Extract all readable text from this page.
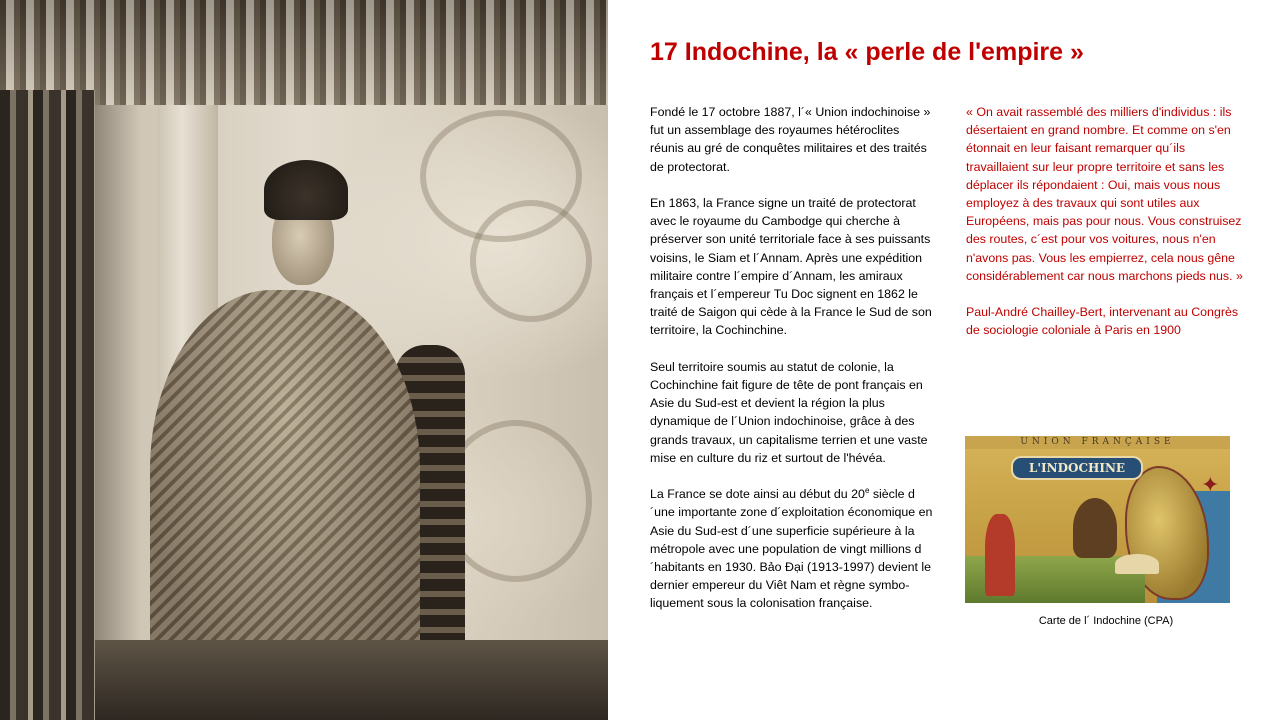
17 Indochine, la « perle de l'empire »

Fondé le 17 octobre 1887, l´« Union indochinoise » fut un assemblage des royaumes hétéroclites réunis au gré de conquêtes militaires et des traités de protectorat.

En 1863, la France signe un traité de protectorat avec le royaume du Cambodge qui cherche à préserver son unité territoriale face à ses puissants voisins, le Siam et l´Annam. Après une expédition militaire contre l´empire d´Annam, les amiraux français et l´empereur Tu Doc signent en 1862 le traité de Saigon qui cède à la France le Sud de son territoire, la Cochinchine.

Seul territoire soumis au statut de colonie, la Cochinchine fait figure de tête de pont français en Asie du Sud-est et devient la région la plus dynamique de l´Union indochinoise, grâce à des grands travaux, un capitalisme terrien et une vaste mise en culture du riz et surtout de l'hévéa.

La France se dote ainsi au début du 20e siècle d´une importante zone d´exploitation économique en Asie du Sud-est d´une superficie supérieure à la métropole avec une population de vingt millions d´habitants en 1930. Bảo Đại (1913-1997) devient le dernier empereur du Viêt Nam et règne symbo-liquement sous la colonisation française.

« On avait rassemblé des milliers d'individus : ils désertaient en grand nombre. Et comme on s'en étonnait en leur faisant remarquer qu´ils travaillaient sur leur propre territoire et sans les déplacer ils répondaient : Oui, mais vous nous employez à des travaux qui sont utiles aux Européens, mais pas pour nous. Vous construisez des routes, c´est pour vos voitures, nous n'en n'avons pas. Vous les empierrez, cela nous gêne considérablement car nous marchons pieds nus. »

Paul-André Chailley-Bert, intervenant au Congrès de sociologie coloniale à Paris en 1900

UNION FRANÇAISE
✦
L'INDOCHINE
Carte de l´ Indochine (CPA)
